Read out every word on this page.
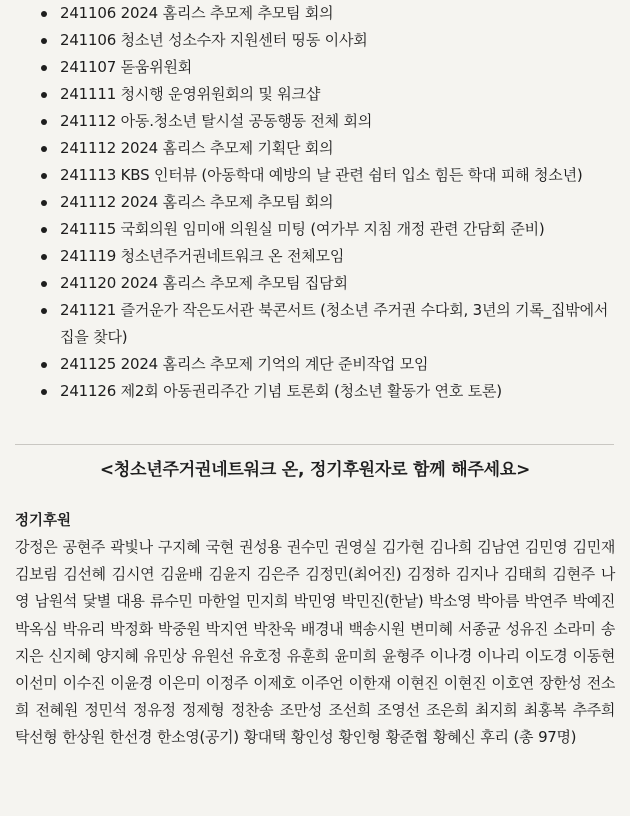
241106 2024 홈리스 추모제 추모팀 회의
241106 청소년 성소수자 지원센터 띵동 이사회
241107 돋움위원회
241111 청시행 운영위원회의 및 워크샵
241112 아동.청소년 탈시설 공동행동 전체 회의
241112 2024 홈리스 추모제 기획단 회의
241113 KBS 인터뷰 (아동학대 예방의 날 관련 쉼터 입소 힘든 학대 피해 청소년)
241112 2024 홈리스 추모제 추모팀 회의
241115 국회의원 임미애 의원실 미팅 (여가부 지침 개정 관련 간담회 준비)
241119 청소년주거권네트워크 온 전체모임
241120 2024 홈리스 추모제 추모팀 집담회
241121 즐거운가 작은도서관 북콘서트 (청소년 주거권 수다회, 3년의 기록_집밖에서 집을 찾다)
241125 2024 홈리스 추모제 기억의 계단 준비작업 모임
241126 제2회 아동권리주간 기념 토론회 (청소년 활동가 연호 토론)
<청소년주거권네트워크 온, 정기후원자로 함께 해주세요>
정기후원
강정은 공현주 곽빛나 구지혜 국현 권성용 권수민 권영실 김가현 김나희 김남연 김민영 김민재 김보림 김선혜 김시연 김윤배 김윤지 김은주 김정민(최어진) 김정하 김지나 김태희 김현주 나영 남원석 닻별 대용 류수민 마한얼 민지희 박민영 박민진(한낱) 박소영 박아름 박연주 박예진 박옥심 박유리 박정화 박중원 박지연 박찬욱 배경내 백송시원 변미혜 서종균 성유진 소라미 송지은 신지혜 양지혜 유민상 유원선 유호정 유훈희 윤미희 윤형주 이나경 이나리 이도경 이동현 이선미 이수진 이윤경 이은미 이정주 이제호 이주언 이한재 이현진 이현진 이호연 장한성 전소희 전혜원 정민석 정유정 정제형 정찬송 조만성 조선희 조영선 조은희 최지희 최홍복 추주희 탁선형 한상원 한선경 한소영(공기) 황대택 황인성 황인형 황준협 황혜신 후리 (총 97명)
